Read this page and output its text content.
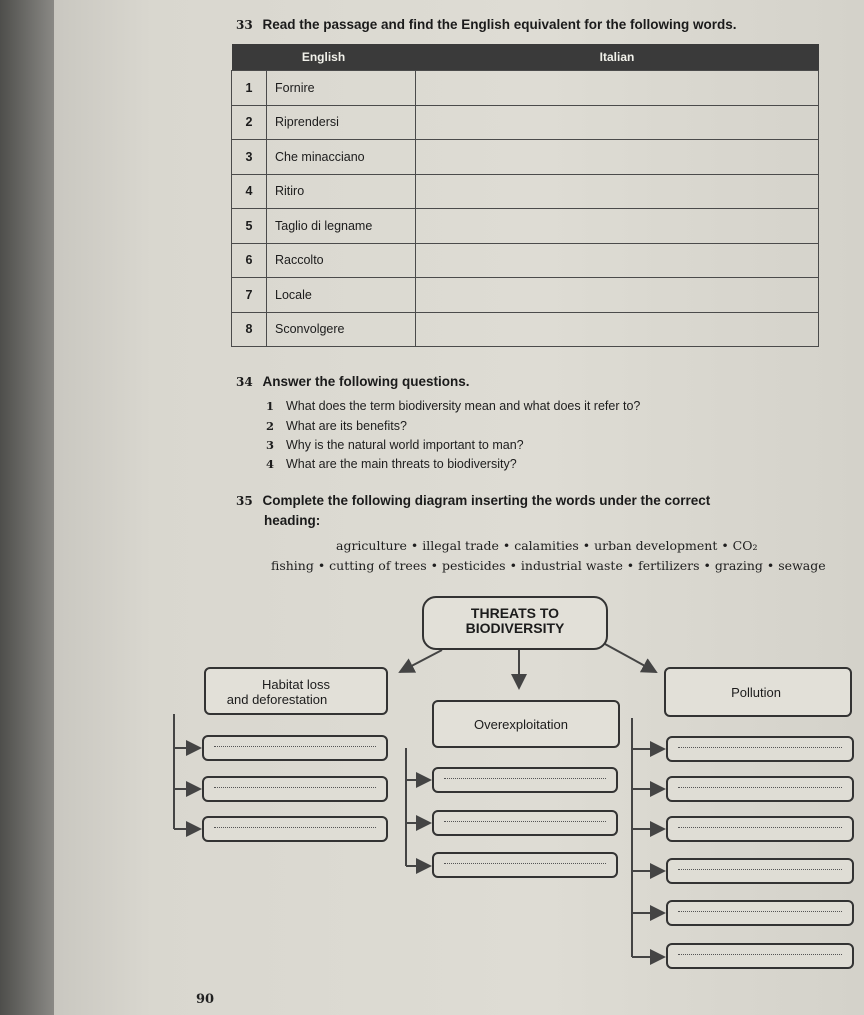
33 Read the passage and find the English equivalent for the following words.
English		Italian
1	Fornire	
2	Riprendersi	
3	Che minacciano	
4	Ritiro	
5	Taglio di legname	
6	Raccolto	
7	Locale	
8	Sconvolgere	
34 Answer the following questions.
1 What does the term biodiversity mean and what does it refer to?
2 What are its benefits?
3 Why is the natural world important to man?
4 What are the main threats to biodiversity?
35 Complete the following diagram inserting the words under the correct
heading:
agriculture • illegal trade • calamities • urban development • CO₂
fishing • cutting of trees • pesticides • industrial waste • fertilizers • grazing • sewage
THREATS TO
BIODIVERSITY
Habitat loss
and deforestation
Overexploitation
Pollution
90
